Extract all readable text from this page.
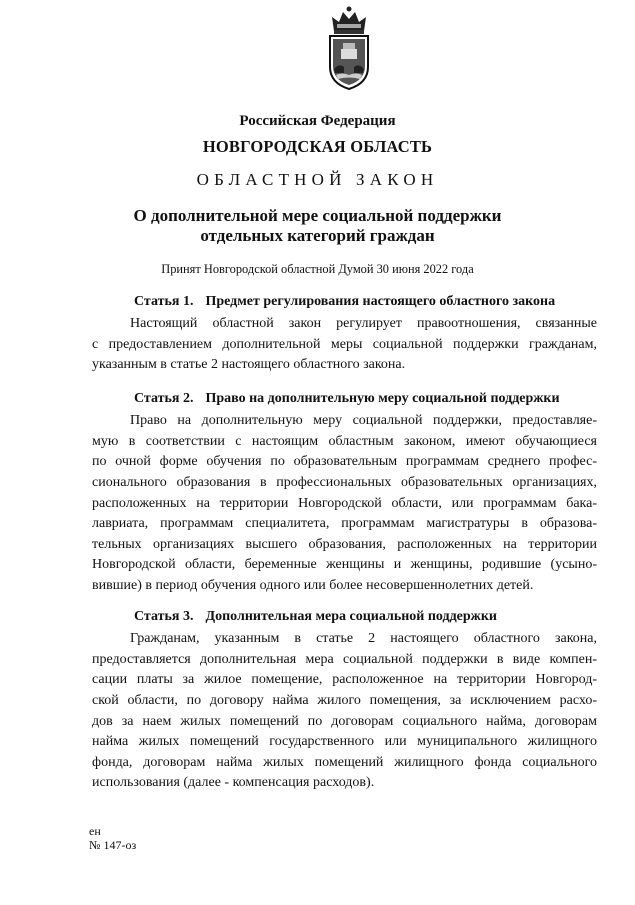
Российская Федерация
НОВГОРОДСКАЯ ОБЛАСТЬ
ОБЛАСТНОЙ ЗАКОН
О дополнительной мере социальной поддержки
отдельных категорий граждан
Принят Новгородской областной Думой 30 июня 2022 года
Статья 1. Предмет регулирования настоящего областного закона
Настоящий областной закон регулирует правоотношения, связанные
с предоставлением дополнительной меры социальной поддержки гражданам,
указанным в статье 2 настоящего областного закона.
Статья 2. Право на дополнительную меру социальной поддержки
Право на дополнительную меру социальной поддержки, предоставляе-
мую в соответствии с настоящим областным законом, имеют обучающиеся
по очной форме обучения по образовательным программам среднего профес-
сионального образования в профессиональных образовательных организациях,
расположенных на территории Новгородской области, или программам бака-
лавриата, программам специалитета, программам магистратуры в образова-
тельных организациях высшего образования, расположенных на территории
Новгородской области, беременные женщины и женщины, родившие (усыно-
вившие) в период обучения одного или более несовершеннолетних детей.
Статья 3. Дополнительная мера социальной поддержки
Гражданам, указанным в статье 2 настоящего областного закона,
предоставляется дополнительная мера социальной поддержки в виде компен-
сации платы за жилое помещение, расположенное на территории Новгород-
ской области, по договору найма жилого помещения, за исключением расхо-
дов за наем жилых помещений по договорам социального найма, договорам
найма жилых помещений государственного или муниципального жилищного
фонда, договорам найма жилых помещений жилищного фонда социального
использования (далее - компенсация расходов).
ен
№ 147-оз
